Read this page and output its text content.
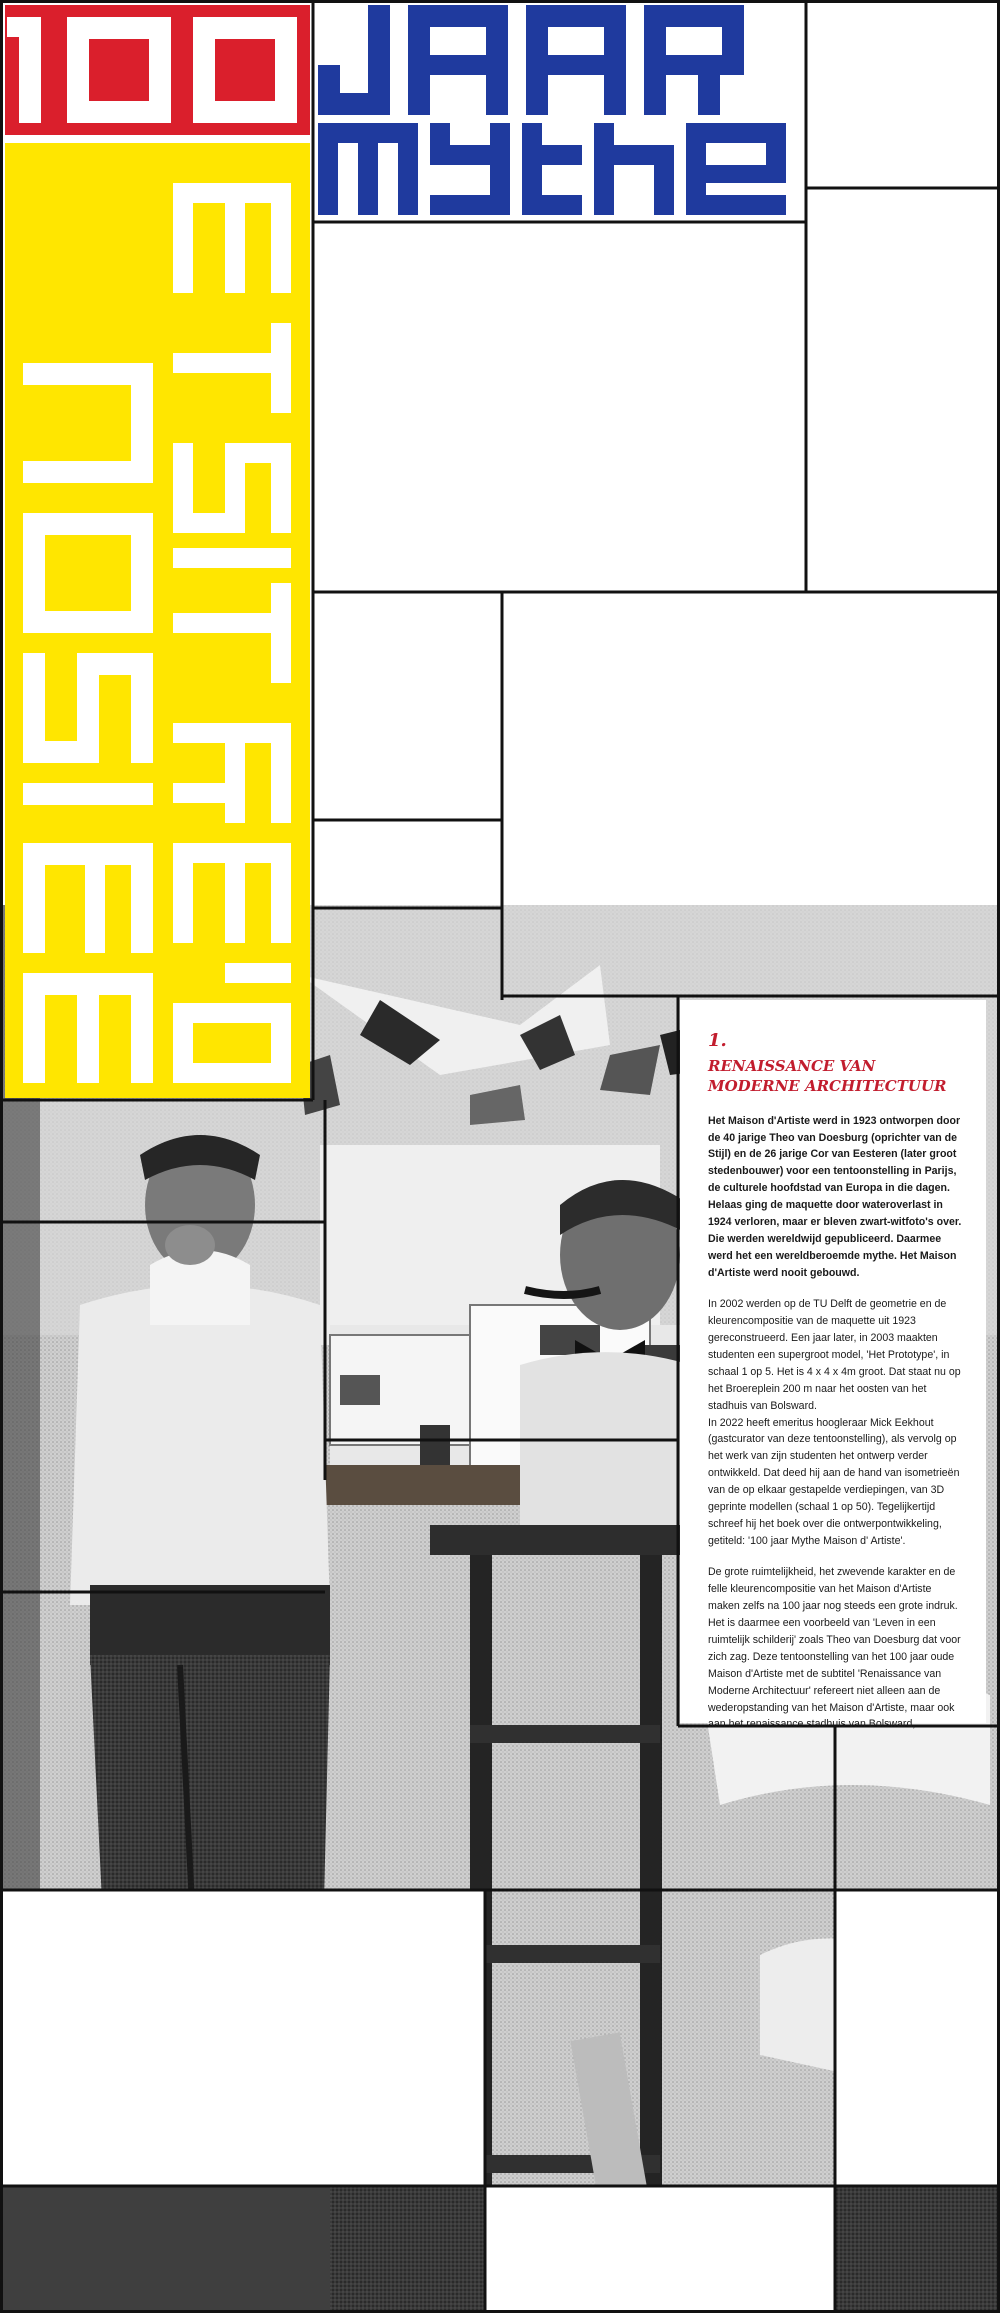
1.
RENAISSANCE VAN MODERNE ARCHITECTUUR

Het Maison d'Artiste werd in 1923 ontworpen door de 40 jarige Theo van Doesburg (oprichter van de Stijl) en de 26 jarige Cor van Eesteren (later groot stedenbouwer) voor een tentoonstelling in Parijs, de culturele hoofdstad van Europa in die dagen. Helaas ging de maquette door wateroverlast in 1924 verloren, maar er bleven zwart-witfoto's over. Die werden wereldwijd gepubliceerd. Daarmee werd het een wereldberoemde mythe. Het Maison d'Artiste werd nooit gebouwd.

In 2002 werden op de TU Delft de geometrie en de kleurencompositie van de maquette uit 1923 gereconstrueerd. Een jaar later, in 2003 maakten studenten een supergroot model, 'Het Prototype', in schaal 1 op 5. Het is 4 x 4 x 4m groot. Dat staat nu op het Broereplein 200 m naar het oosten van het stadhuis van Bolsward.

In 2022 heeft emeritus hoogleraar Mick Eekhout (gastcurator van deze tentoonstelling), als vervolg op het werk van zijn studenten het ontwerp verder ontwikkeld. Dat deed hij aan de hand van isometrieën van de op elkaar gestapelde verdiepingen, van 3D geprinte modellen (schaal 1 op 50). Tegelijkertijd schreef hij het boek over die ontwerpontwikkeling, getiteld: '100 jaar Mythe Maison d' Artiste'.

De grote ruimtelijkheid, het zwevende karakter en de felle kleurencompositie van het Maison d'Artiste maken zelfs na 100 jaar nog steeds een grote indruk. Het is daarmee een voorbeeld van 'Leven in een ruimtelijk schilderij' zoals Theo van Doesburg dat voor zich zag. Deze tentoonstelling van het 100 jaar oude Maison d'Artiste met de subtitel 'Renaissance van Moderne Architectuur' refereert niet alleen aan de wederopstanding van het Maison d'Artiste, maar ook aan het renaissance stadhuis van Bolsward,
